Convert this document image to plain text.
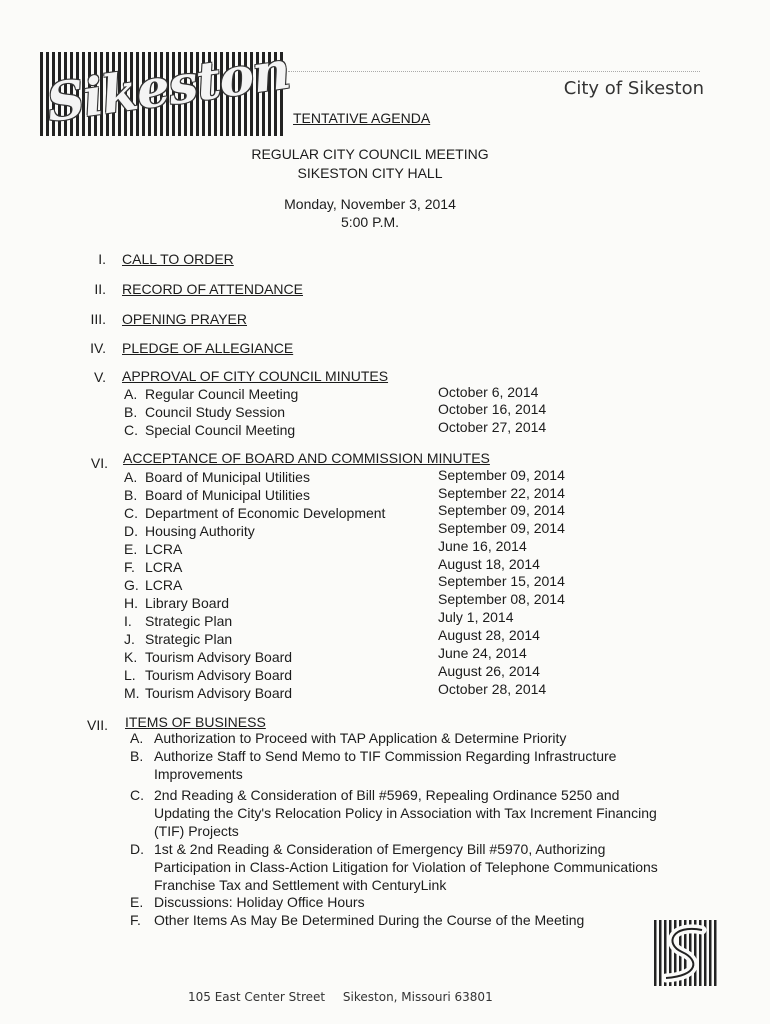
Sikeston	City of Sikeston
TENTATIVE AGENDA
REGULAR CITY COUNCIL MEETING
SIKESTON CITY HALL
Monday, November 3, 2014
5:00 P.M.
I. CALL TO ORDER
II. RECORD OF ATTENDANCE
III. OPENING PRAYER
IV. PLEDGE OF ALLEGIANCE
V. APPROVAL OF CITY COUNCIL MINUTES
A. Regular Council Meeting	October 6, 2014
B. Council Study Session	October 16, 2014
C. Special Council Meeting	October 27, 2014
VI. ACCEPTANCE OF BOARD AND COMMISSION MINUTES
A. Board of Municipal Utilities	September 09, 2014
B. Board of Municipal Utilities	September 22, 2014
C. Department of Economic Development	September 09, 2014
D. Housing Authority	September 09, 2014
E. LCRA	June 16, 2014
F. LCRA	August 18, 2014
G. LCRA	September 15, 2014
H. Library Board	September 08, 2014
I. Strategic Plan	July 1, 2014
J. Strategic Plan	August 28, 2014
K. Tourism Advisory Board	June 24, 2014
L. Tourism Advisory Board	August 26, 2014
M. Tourism Advisory Board	October 28, 2014
VII. ITEMS OF BUSINESS
A. Authorization to Proceed with TAP Application & Determine Priority
B. Authorize Staff to Send Memo to TIF Commission Regarding Infrastructure Improvements
C. 2nd Reading & Consideration of Bill #5969, Repealing Ordinance 5250 and Updating the City's Relocation Policy in Association with Tax Increment Financing (TIF) Projects
D. 1st & 2nd Reading & Consideration of Emergency Bill #5970, Authorizing Participation in Class-Action Litigation for Violation of Telephone Communications Franchise Tax and Settlement with CenturyLink
E. Discussions: Holiday Office Hours
F. Other Items As May Be Determined During the Course of the Meeting
105 East Center Street Sikeston, Missouri 63801
